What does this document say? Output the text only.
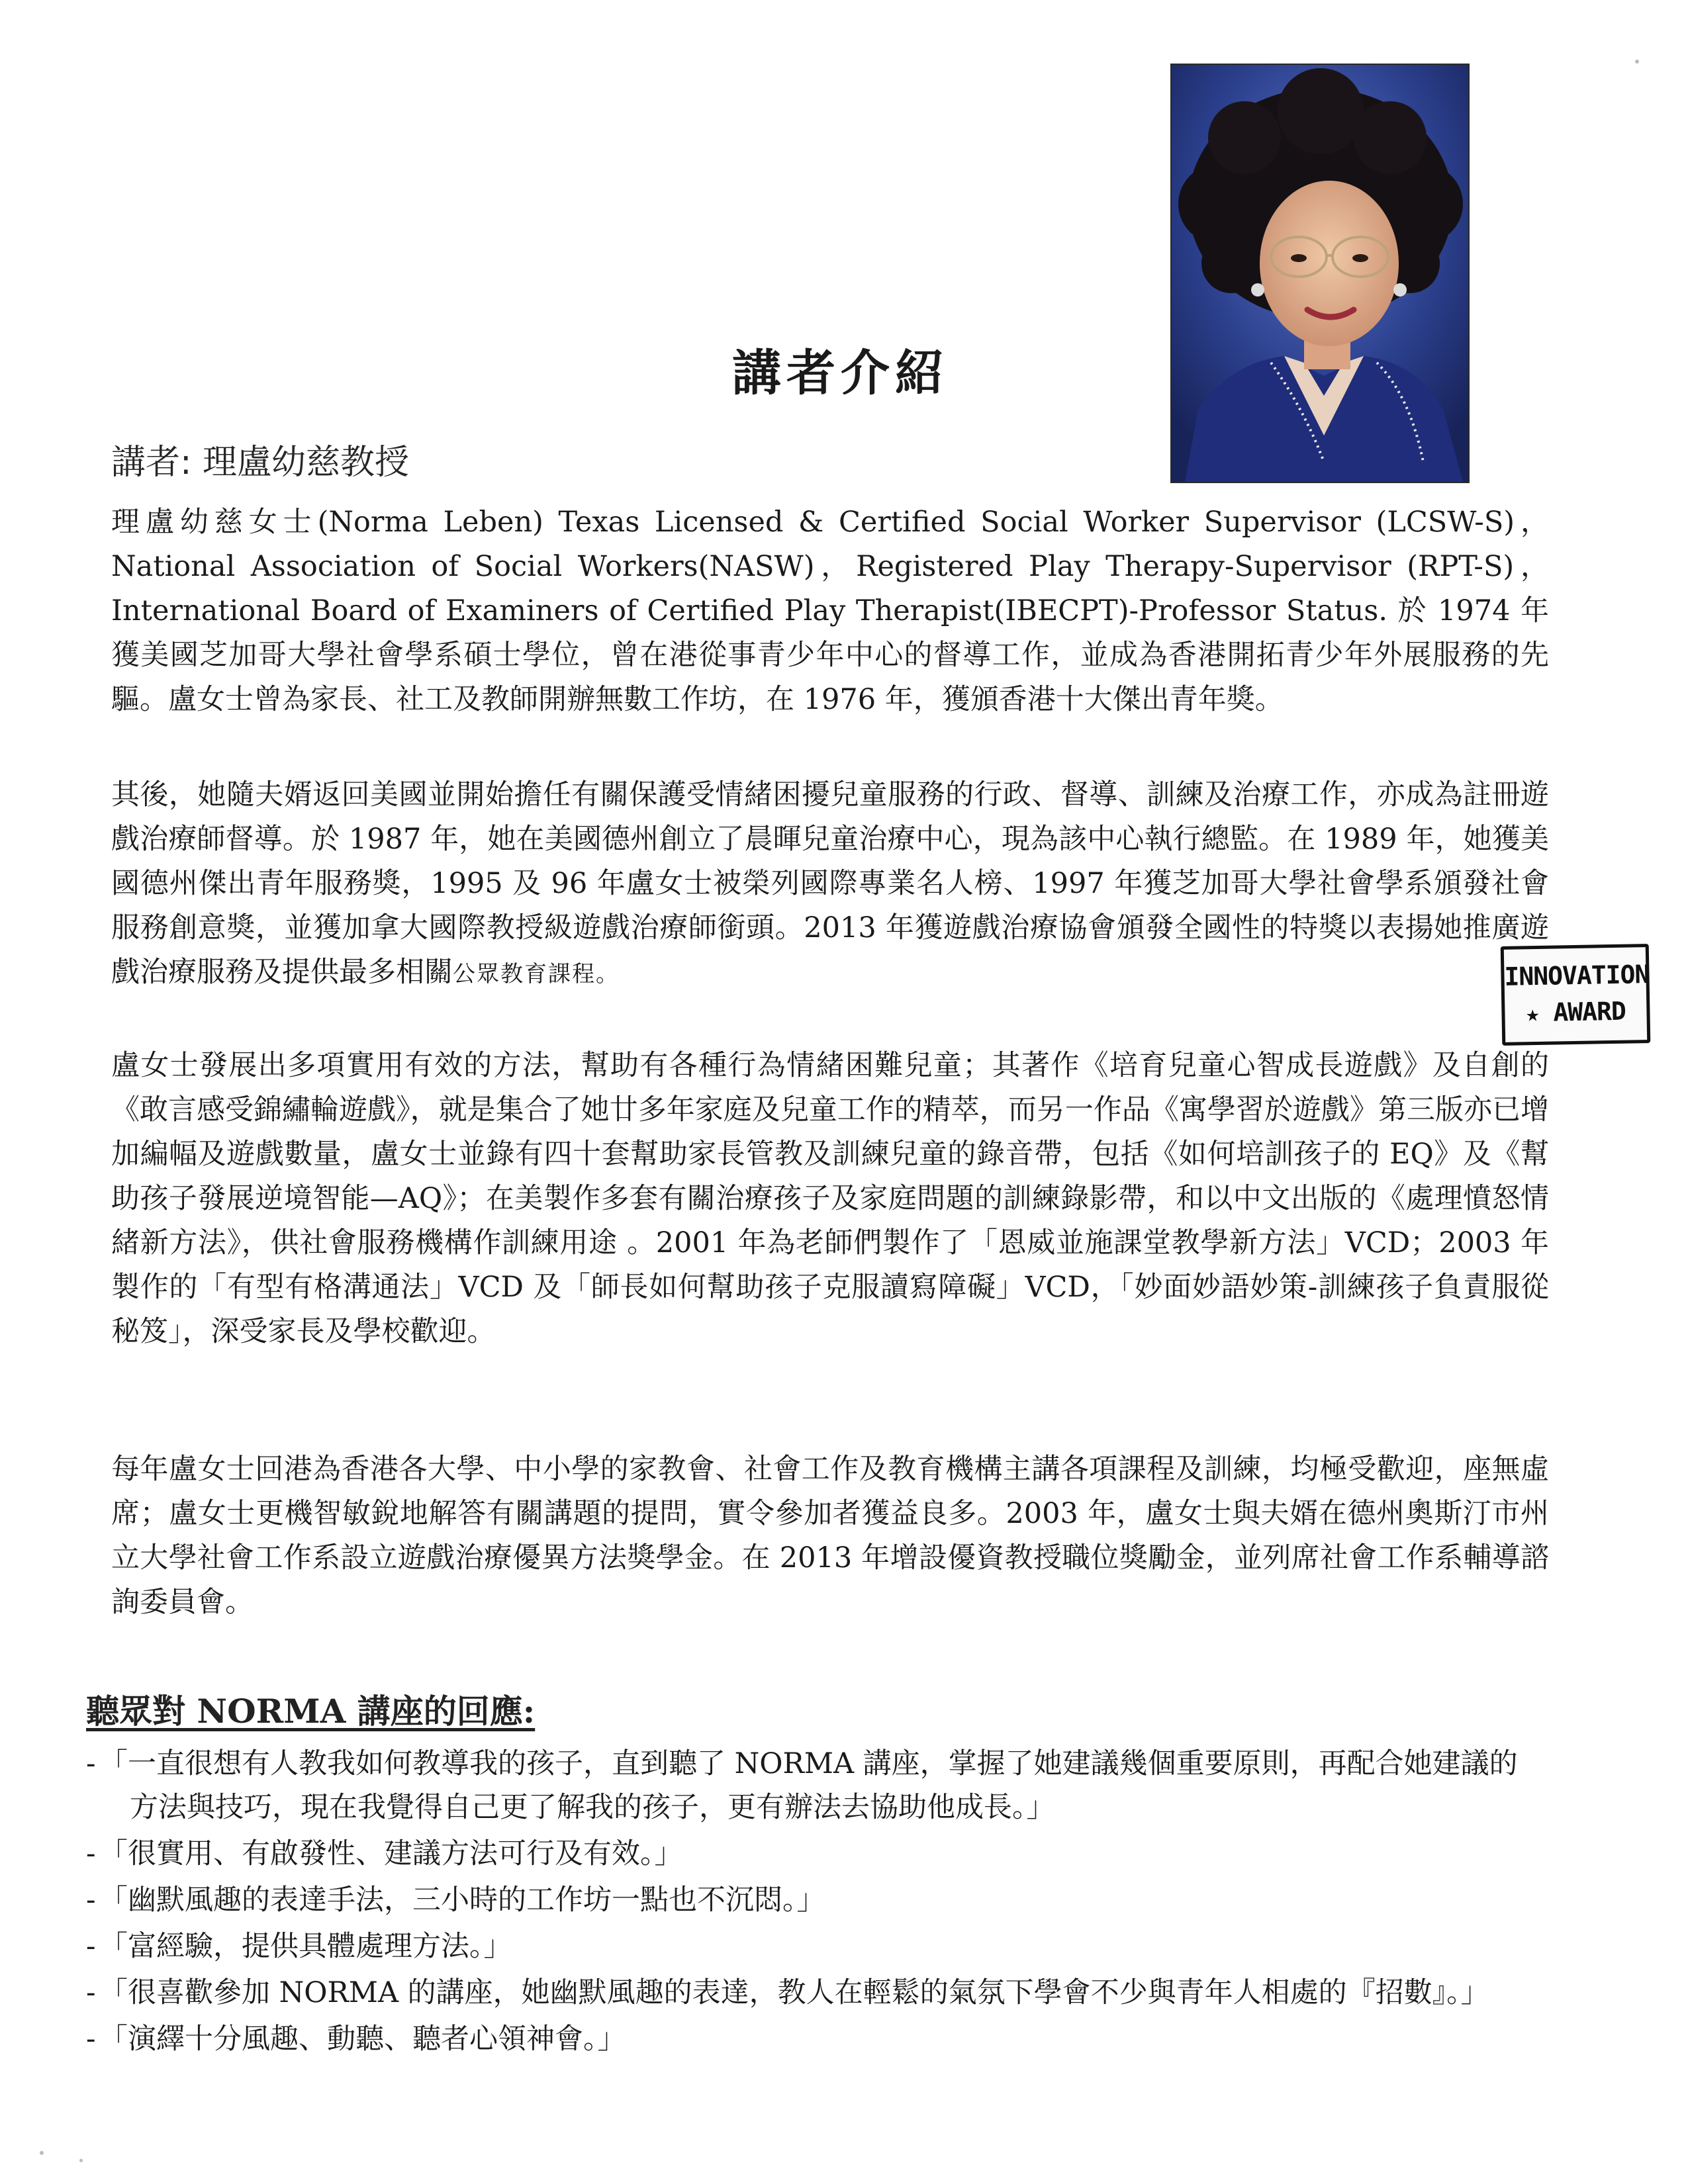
講者介紹
講者: 理盧幼慈教授

理盧幼慈女士(Norma Leben) Texas Licensed & Certified Social Worker Supervisor (LCSW-S)，National Association of Social Workers(NASW)，Registered Play Therapy-Supervisor (RPT-S)，International Board of Examiners of Certified Play Therapist(IBECPT)-Professor Status. 於 1974 年獲美國芝加哥大學社會學系碩士學位，曾在港從事青少年中心的督導工作，並成為香港開拓青少年外展服務的先驅。盧女士曾為家長、社工及教師開辦無數工作坊，在 1976 年，獲頒香港十大傑出青年獎。

其後，她隨夫婿返回美國並開始擔任有關保護受情緒困擾兒童服務的行政、督導、訓練及治療工作，亦成為註冊遊戲治療師督導。於 1987 年，她在美國德州創立了晨暉兒童治療中心，現為該中心執行總監。在 1989 年，她獲美國德州傑出青年服務獎，1995 及 96 年盧女士被榮列國際專業名人榜、1997 年獲芝加哥大學社會學系頒發社會服務創意獎，並獲加拿大國際教授級遊戲治療師銜頭。2013 年獲遊戲治療協會頒發全國性的特獎以表揚她推廣遊戲治療服務及提供最多相關公眾教育課程。	INNOVATION
★ AWARD

盧女士發展出多項實用有效的方法，幫助有各種行為情緒困難兒童；其著作《培育兒童心智成長遊戲》及自創的《敢言感受錦繡輪遊戲》，就是集合了她廿多年家庭及兒童工作的精萃，而另一作品《寓學習於遊戲》第三版亦已增加編幅及遊戲數量，盧女士並錄有四十套幫助家長管教及訓練兒童的錄音帶，包括《如何培訓孩子的 EQ》及《幫助孩子發展逆境智能—AQ》；在美製作多套有關治療孩子及家庭問題的訓練錄影帶，和以中文出版的《處理憤怒情緒新方法》，供社會服務機構作訓練用途 。2001 年為老師們製作了「恩威並施課堂教學新方法」VCD；2003 年製作的「有型有格溝通法」VCD 及「師長如何幫助孩子克服讀寫障礙」VCD，「妙面妙語妙策-訓練孩子負責服從秘笈」，深受家長及學校歡迎。

每年盧女士回港為香港各大學、中小學的家教會、社會工作及教育機構主講各項課程及訓練，均極受歡迎，座無虛席；盧女士更機智敏銳地解答有關講題的提問，實令參加者獲益良多。2003 年，盧女士與夫婿在德州奧斯汀市州立大學社會工作系設立遊戲治療優異方法獎學金。在 2013 年增設優資教授職位獎勵金，並列席社會工作系輔導諮詢委員會。

聽眾對 NORMA 講座的回應:
- 「一直很想有人教我如何教導我的孩子，直到聽了 NORMA 講座，掌握了她建議幾個重要原則，再配合她建議的方法與技巧，現在我覺得自己更了解我的孩子，更有辦法去協助他成長。」
- 「很實用、有啟發性、建議方法可行及有效。」
- 「幽默風趣的表達手法，三小時的工作坊一點也不沉悶。」
- 「富經驗，提供具體處理方法。」
- 「很喜歡參加 NORMA 的講座，她幽默風趣的表達，教人在輕鬆的氣氛下學會不少與青年人相處的『招數』。」
- 「演繹十分風趣、動聽、聽者心領神會。」
